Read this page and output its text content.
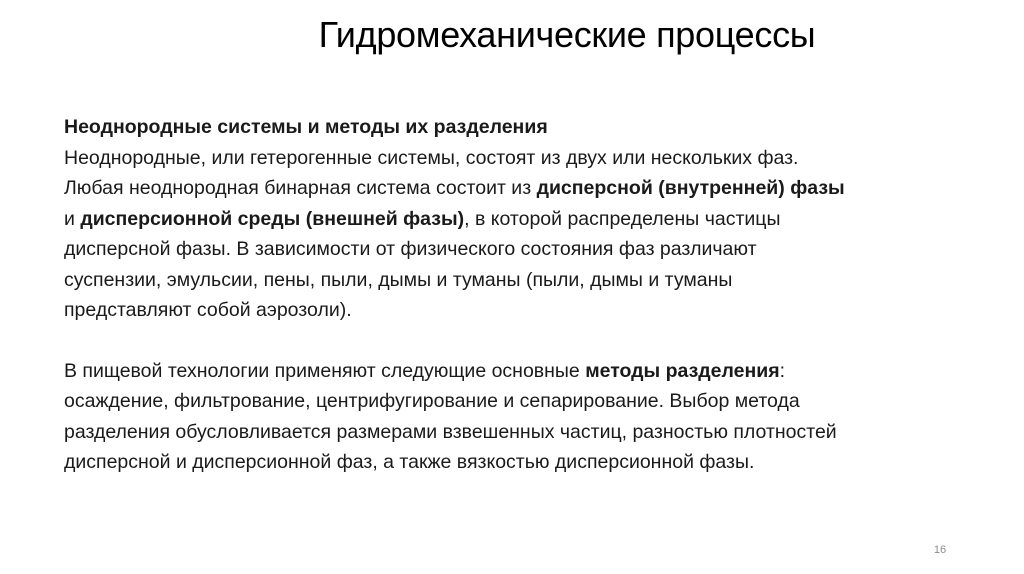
Гидромеханические процессы
Неоднородные системы и методы их разделения
Неоднородные, или гетерогенные системы, состоят из двух или нескольких фаз.
Любая неоднородная бинарная система состоит из дисперсной (внутренней) фазы
и дисперсионной среды (внешней фазы), в которой распределены частицы
дисперсной фазы. В зависимости от физического состояния фаз различают
суспензии, эмульсии, пены, пыли, дымы и туманы (пыли, дымы и туманы
представляют собой аэрозоли).
В пищевой технологии применяют следующие основные методы разделения:
осаждение, фильтрование, центрифугирование и сепарирование. Выбор метода
разделения обусловливается размерами взвешенных частиц, разностью плотностей
дисперсной и дисперсионной фаз, а также вязкостью дисперсионной фазы.
16
